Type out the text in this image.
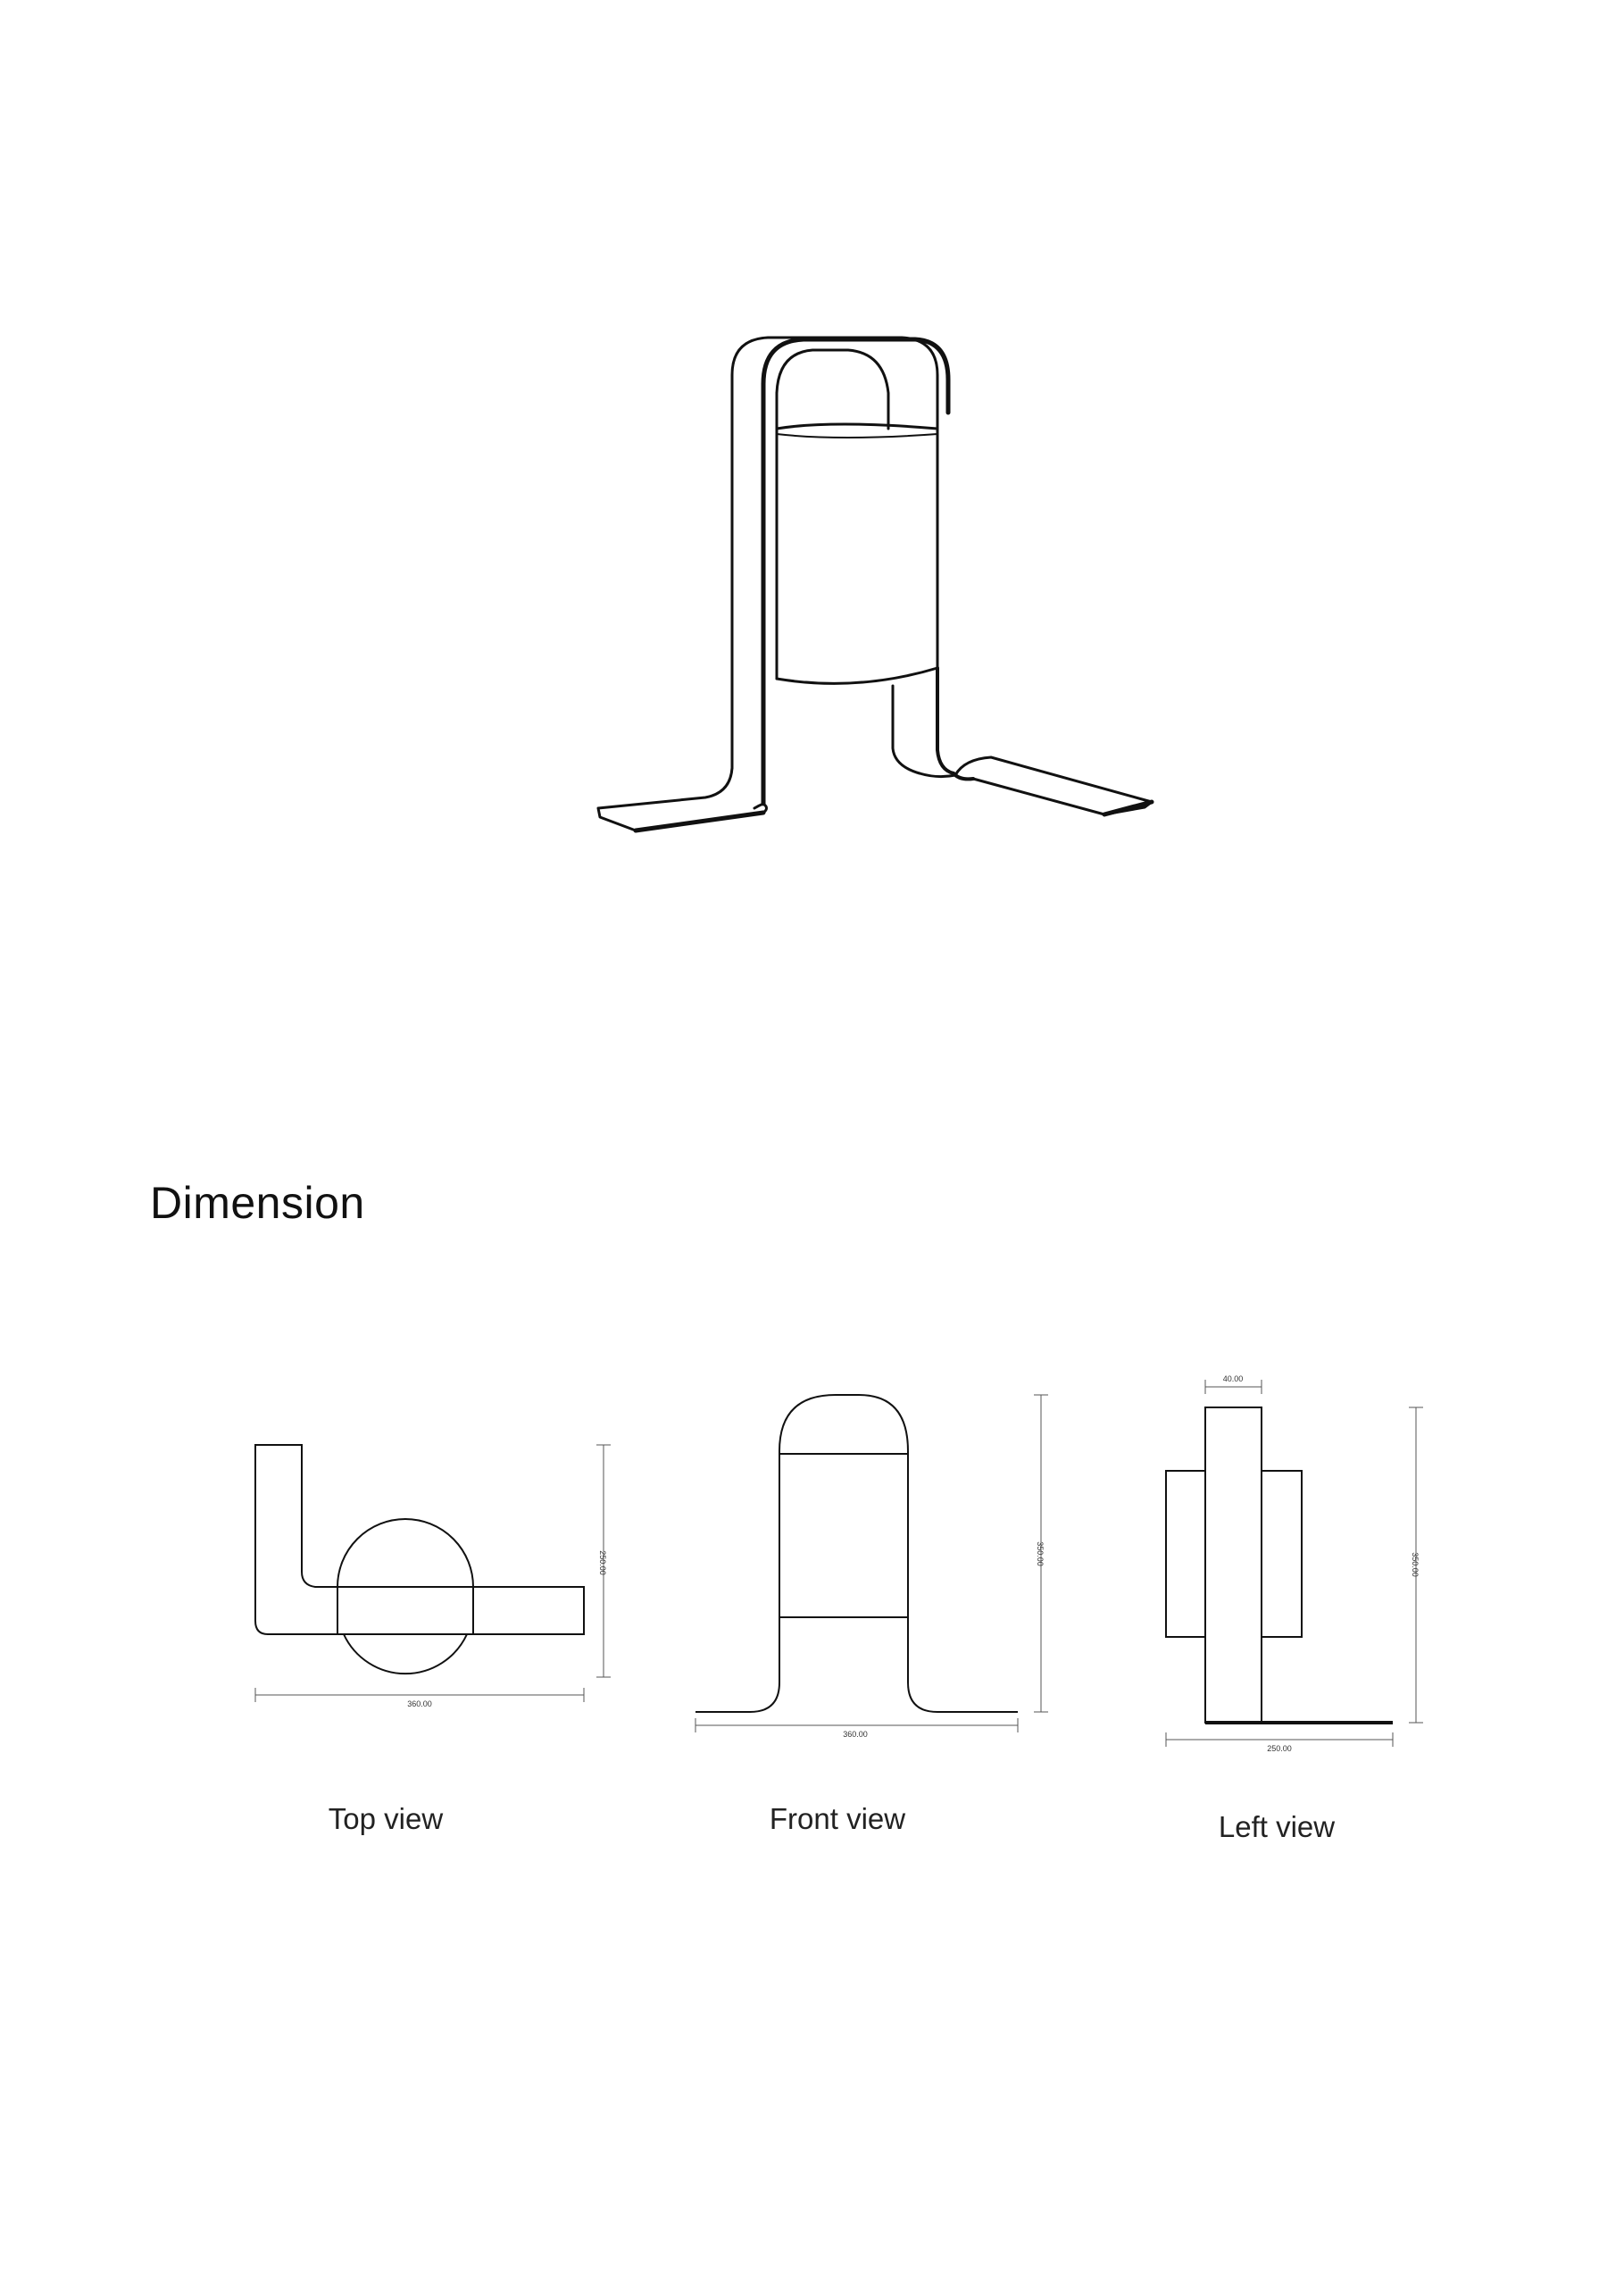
Dimension
360.00
250.00
360.00
350.00
40.00
250.00
350.00
Top view	Front view	Left view
